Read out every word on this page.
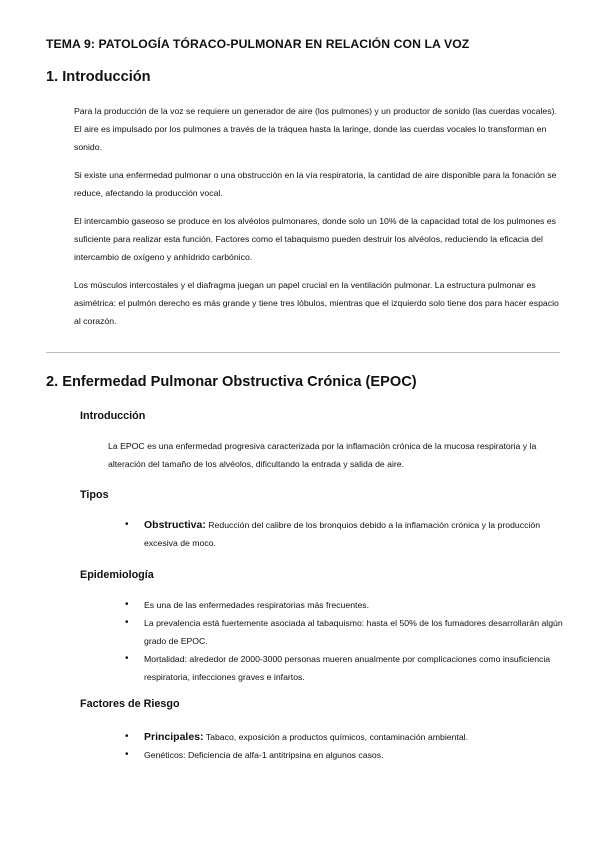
TEMA 9: PATOLOGÍA TÓRACO-PULMONAR EN RELACIÓN CON LA VOZ
1. Introducción

Para la producción de la voz se requiere un generador de aire (los pulmones) y un productor de sonido (las cuerdas vocales). El aire es impulsado por los pulmones a través de la tráquea hasta la laringe, donde las cuerdas vocales lo transforman en sonido.

Si existe una enfermedad pulmonar o una obstrucción en la vía respiratoria, la cantidad de aire disponible para la fonación se reduce, afectando la producción vocal.

El intercambio gaseoso se produce en los alvéolos pulmonares, donde solo un 10% de la capacidad total de los pulmones es suficiente para realizar esta función. Factores como el tabaquismo pueden destruir los alvéolos, reduciendo la eficacia del intercambio de oxígeno y anhídrido carbónico.

Los músculos intercostales y el diafragma juegan un papel crucial en la ventilación pulmonar. La estructura pulmonar es asimétrica: el pulmón derecho es más grande y tiene tres lóbulos, mientras que el izquierdo solo tiene dos para hacer espacio al corazón.

2. Enfermedad Pulmonar Obstructiva Crónica (EPOC)
Introducción

La EPOC es una enfermedad progresiva caracterizada por la inflamación crónica de la mucosa respiratoria y la alteración del tamaño de los alvéolos, dificultando la entrada y salida de aire.

Tipos
• Obstructiva: Reducción del calibre de los bronquios debido a la inflamación crónica y la producción excesiva de moco.
Epidemiología
• Es una de las enfermedades respiratorias más frecuentes.
• La prevalencia está fuertemente asociada al tabaquismo: hasta el 50% de los fumadores desarrollarán algún grado de EPOC.
• Mortalidad: alrededor de 2000-3000 personas mueren anualmente por complicaciones como insuficiencia respiratoria, infecciones graves e infartos.
Factores de Riesgo
• Principales: Tabaco, exposición a productos químicos, contaminación ambiental.
• Genéticos: Deficiencia de alfa-1 antitripsina en algunos casos.
